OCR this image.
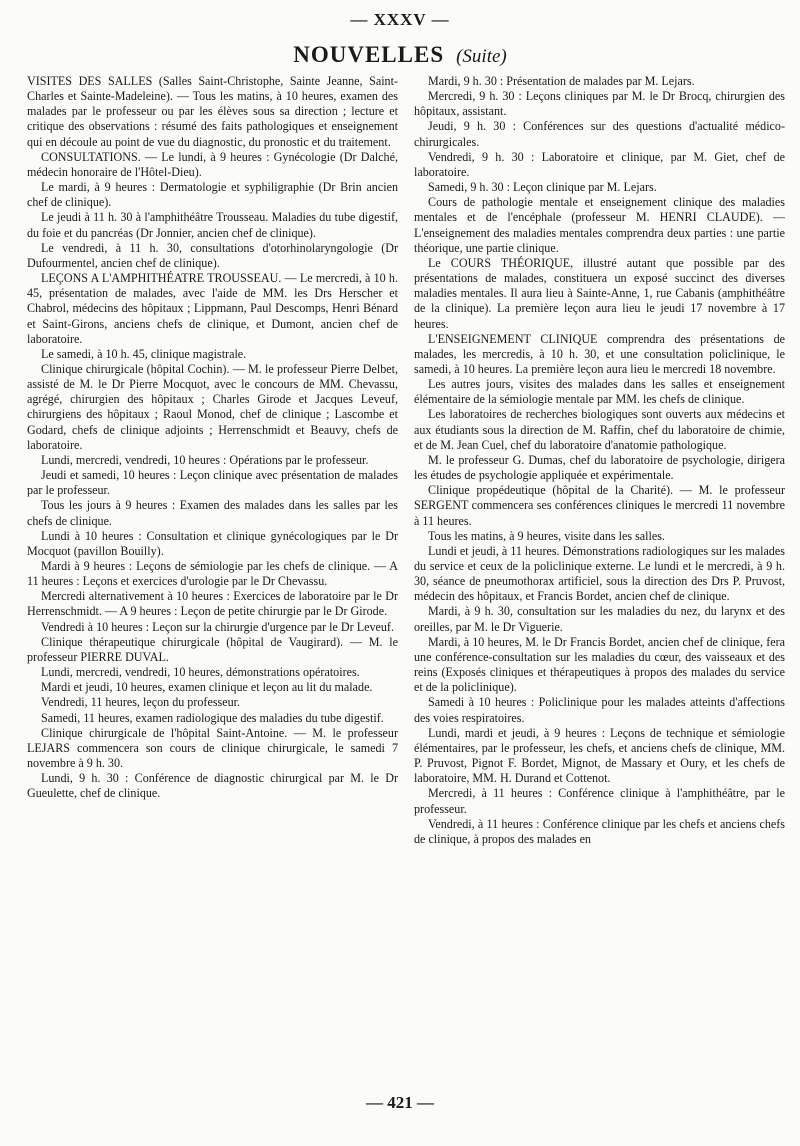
— XXXV —
NOUVELLES (Suite)

VISITES DES SALLES (Salles Saint-Christophe, Sainte Jeanne, Saint-Charles et Sainte-Madeleine). — Tous les matins, à 10 heures, examen des malades par le professeur ou par les élèves sous sa direction ; lecture et critique des observations : résumé des faits pathologiques et enseignement qui en découle au point de vue du diagnostic, du pronostic et du traitement.

CONSULTATIONS. — Le lundi, à 9 heures : Gynécologie (Dr Dalché, médecin honoraire de l'Hôtel-Dieu).

Le mardi, à 9 heures : Dermatologie et syphiligraphie (Dr Brin ancien chef de clinique).

Le jeudi à 11 h. 30 à l'amphithéâtre Trousseau. Maladies du tube digestif, du foie et du pancréas (Dr Jonnier, ancien chef de clinique).

Le vendredi, à 11 h. 30, consultations d'otorhinolaryngologie (Dr Dufourmentel, ancien chef de clinique).

LEÇONS A L'AMPHITHÉATRE TROUSSEAU. — Le mercredi, à 10 h. 45, présentation de malades, avec l'aide de MM. les Drs Herscher et Chabrol, médecins des hôpitaux ; Lippmann, Paul Descomps, Henri Bénard et Saint-Girons, anciens chefs de clinique, et Dumont, ancien chef de laboratoire.

Le samedi, à 10 h. 45, clinique magistrale.

Clinique chirurgicale (hôpital Cochin). — M. le professeur Pierre Delbet, assisté de M. le Dr Pierre Mocquot, avec le concours de MM. Chevassu, agrégé, chirurgien des hôpitaux ; Charles Girode et Jacques Leveuf, chirurgiens des hôpitaux ; Raoul Monod, chef de clinique ; Lascombe et Godard, chefs de clinique adjoints ; Herrenschmidt et Beauvy, chefs de laboratoire.

Lundi, mercredi, vendredi, 10 heures : Opérations par le professeur.

Jeudi et samedi, 10 heures : Leçon clinique avec présentation de malades par le professeur.

Tous les jours à 9 heures : Examen des malades dans les salles par les chefs de clinique.

Lundi à 10 heures : Consultation et clinique gynécologiques par le Dr Mocquot (pavillon Bouilly).

Mardi à 9 heures : Leçons de sémiologie par les chefs de clinique. — A 11 heures : Leçons et exercices d'urologie par le Dr Chevassu.

Mercredi alternativement à 10 heures : Exercices de laboratoire par le Dr Herrenschmidt. — A 9 heures : Leçon de petite chirurgie par le Dr Girode.

Vendredi à 10 heures : Leçon sur la chirurgie d'urgence par le Dr Leveuf.

Clinique thérapeutique chirurgicale (hôpital de Vaugirard). — M. le professeur PIERRE DUVAL.

Lundi, mercredi, vendredi, 10 heures, démonstrations opératoires.

Mardi et jeudi, 10 heures, examen clinique et leçon au lit du malade.

Vendredi, 11 heures, leçon du professeur.

Samedi, 11 heures, examen radiologique des maladies du tube digestif.

Clinique chirurgicale de l'hôpital Saint-Antoine. — M. le professeur LEJARS commencera son cours de clinique chirurgicale, le samedi 7 novembre à 9 h. 30.

Lundi, 9 h. 30 : Conférence de diagnostic chirurgical par M. le Dr Gueulette, chef de clinique.

Mardi, 9 h. 30 : Présentation de malades par M. Lejars.

Mercredi, 9 h. 30 : Leçons cliniques par M. le Dr Brocq, chirurgien des hôpitaux, assistant.

Jeudi, 9 h. 30 : Conférences sur des questions d'actualité médico-chirurgicales.

Vendredi, 9 h. 30 : Laboratoire et clinique, par M. Giet, chef de laboratoire.

Samedi, 9 h. 30 : Leçon clinique par M. Lejars.

Cours de pathologie mentale et enseignement clinique des maladies mentales et de l'encéphale (professeur M. HENRI CLAUDE). — L'enseignement des maladies mentales comprendra deux parties : une partie théorique, une partie clinique.

Le COURS THÉORIQUE, illustré autant que possible par des présentations de malades, constituera un exposé succinct des diverses maladies mentales. Il aura lieu à Sainte-Anne, 1, rue Cabanis (amphithéâtre de la clinique). La première leçon aura lieu le jeudi 17 novembre à 17 heures.

L'ENSEIGNEMENT CLINIQUE comprendra des présentations de malades, les mercredis, à 10 h. 30, et une consultation policlinique, le samedi, à 10 heures. La première leçon aura lieu le mercredi 18 novembre.

Les autres jours, visites des malades dans les salles et enseignement élémentaire de la sémiologie mentale par MM. les chefs de clinique.

Les laboratoires de recherches biologiques sont ouverts aux médecins et aux étudiants sous la direction de M. Raffin, chef du laboratoire de chimie, et de M. Jean Cuel, chef du laboratoire d'anatomie pathologique.

M. le professeur G. Dumas, chef du laboratoire de psychologie, dirigera les études de psychologie appliquée et expérimentale.

Clinique propédeutique (hôpital de la Charité). — M. le professeur SERGENT commencera ses conférences cliniques le mercredi 11 novembre à 11 heures.

Tous les matins, à 9 heures, visite dans les salles.

Lundi et jeudi, à 11 heures. Démonstrations radiologiques sur les malades du service et ceux de la policlinique externe. Le lundi et le mercredi, à 9 h. 30, séance de pneumothorax artificiel, sous la direction des Drs P. Pruvost, médecin des hôpitaux, et Francis Bordet, ancien chef de clinique.

Mardi, à 9 h. 30, consultation sur les maladies du nez, du larynx et des oreilles, par M. le Dr Viguerie.

Mardi, à 10 heures, M. le Dr Francis Bordet, ancien chef de clinique, fera une conférence-consultation sur les maladies du cœur, des vaisseaux et des reins (Exposés cliniques et thérapeutiques à propos des malades du service et de la policlinique).

Samedi à 10 heures : Policlinique pour les malades atteints d'affections des voies respiratoires.

Lundi, mardi et jeudi, à 9 heures : Leçons de technique et sémiologie élémentaires, par le professeur, les chefs, et anciens chefs de clinique, MM. P. Pruvost, Pignot F. Bordet, Mignot, de Massary et Oury, et les chefs de laboratoire, MM. H. Durand et Cottenot.

Mercredi, à 11 heures : Conférence clinique à l'amphithéâtre, par le professeur.

Vendredi, à 11 heures : Conférence clinique par les chefs et anciens chefs de clinique, à propos des malades en

— 421 —
